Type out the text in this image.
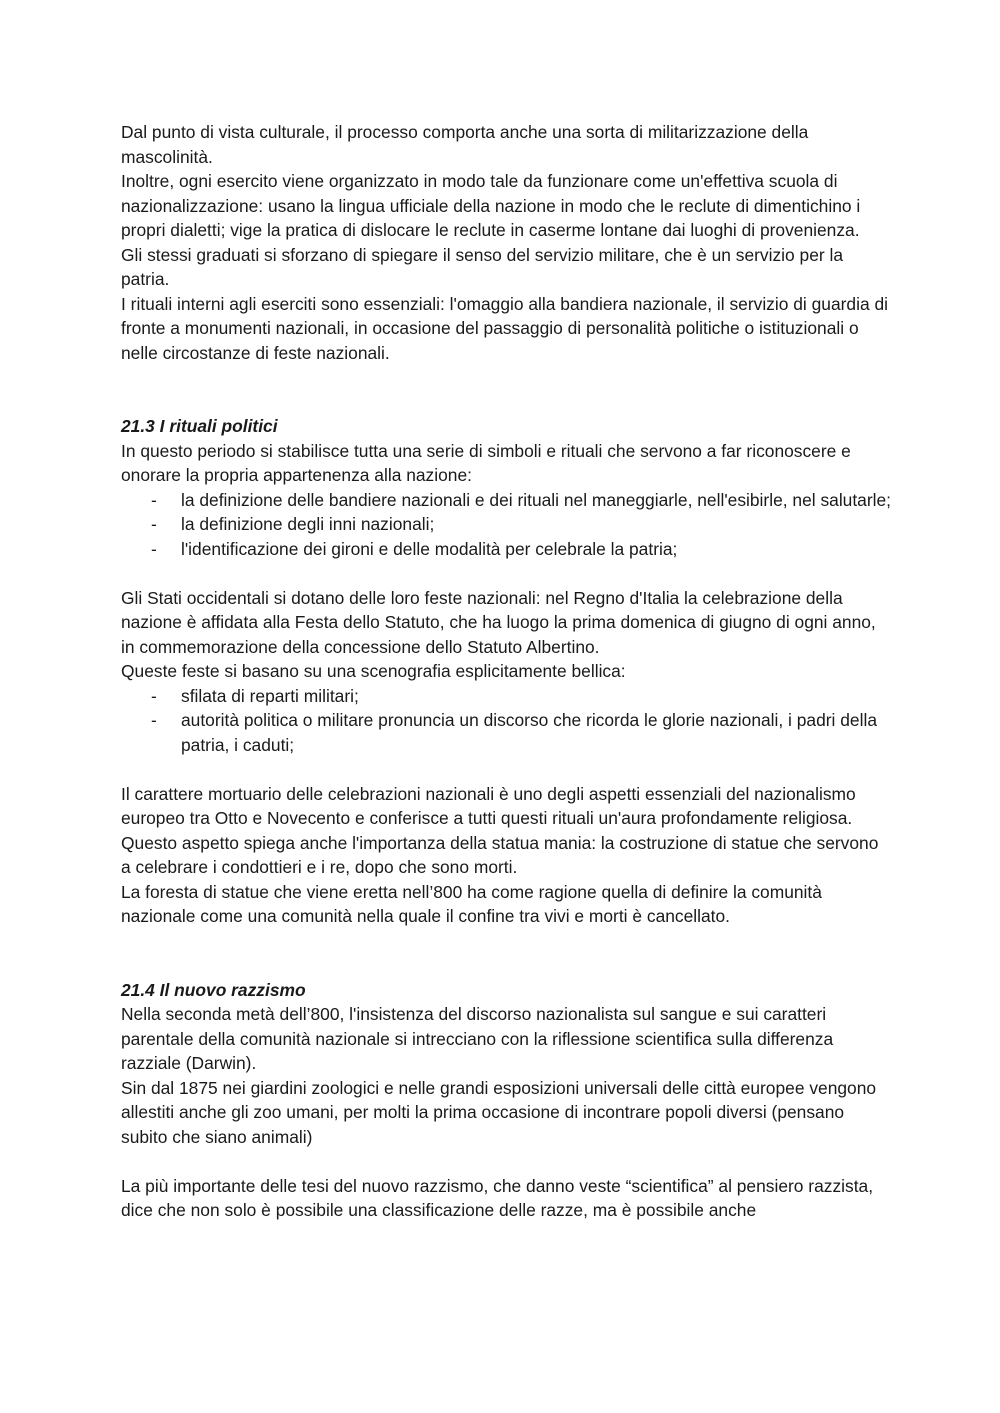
Dal punto di vista culturale, il processo comporta anche una sorta di militarizzazione della mascolinità.

Inoltre, ogni esercito viene organizzato in modo tale da funzionare come un'effettiva scuola di nazionalizzazione: usano la lingua ufficiale della nazione in modo che le reclute di dimentichino i propri dialetti; vige la pratica di dislocare le reclute in caserme lontane dai luoghi di provenienza.

Gli stessi graduati si sforzano di spiegare il senso del servizio militare, che è un servizio per la patria.

I rituali interni agli eserciti sono essenziali: l'omaggio alla bandiera nazionale, il servizio di guardia di fronte a monumenti nazionali, in occasione del passaggio di personalità politiche o istituzionali o nelle circostanze di feste nazionali.

21.3 I rituali politici

In questo periodo si stabilisce tutta una serie di simboli e rituali che servono a far riconoscere e onorare la propria appartenenza alla nazione:

- la definizione delle bandiere nazionali e dei rituali nel maneggiarle, nell'esibirle, nel salutarle;
- la definizione degli inni nazionali;
- l'identificazione dei gironi e delle modalità per celebrale la patria;

Gli Stati occidentali si dotano delle loro feste nazionali: nel Regno d'Italia la celebrazione della nazione è affidata alla Festa dello Statuto, che ha luogo la prima domenica di giugno di ogni anno, in commemorazione della concessione dello Statuto Albertino.

Queste feste si basano su una scenografia esplicitamente bellica:

- sfilata di reparti militari;
- autorità politica o militare pronuncia un discorso che ricorda le glorie nazionali, i padri della patria, i caduti;

Il carattere mortuario delle celebrazioni nazionali è uno degli aspetti essenziali del nazionalismo europeo tra Otto e Novecento e conferisce a tutti questi rituali un'aura profondamente religiosa.

Questo aspetto spiega anche l'importanza della statua mania: la costruzione di statue che servono a celebrare i condottieri e i re, dopo che sono morti.

La foresta di statue che viene eretta nell’800 ha come ragione quella di definire la comunità nazionale come una comunità nella quale il confine tra vivi e morti è cancellato.

21.4 Il nuovo razzismo

Nella seconda metà dell’800, l'insistenza del discorso nazionalista sul sangue e sui caratteri parentale della comunità nazionale si intrecciano con la riflessione scientifica sulla differenza razziale (Darwin).

Sin dal 1875 nei giardini zoologici e nelle grandi esposizioni universali delle città europee vengono allestiti anche gli zoo umani, per molti la prima occasione di incontrare popoli diversi (pensano subito che siano animali)

La più importante delle tesi del nuovo razzismo, che danno veste “scientifica” al pensiero razzista, dice che non solo è possibile una classificazione delle razze, ma è possibile anche
